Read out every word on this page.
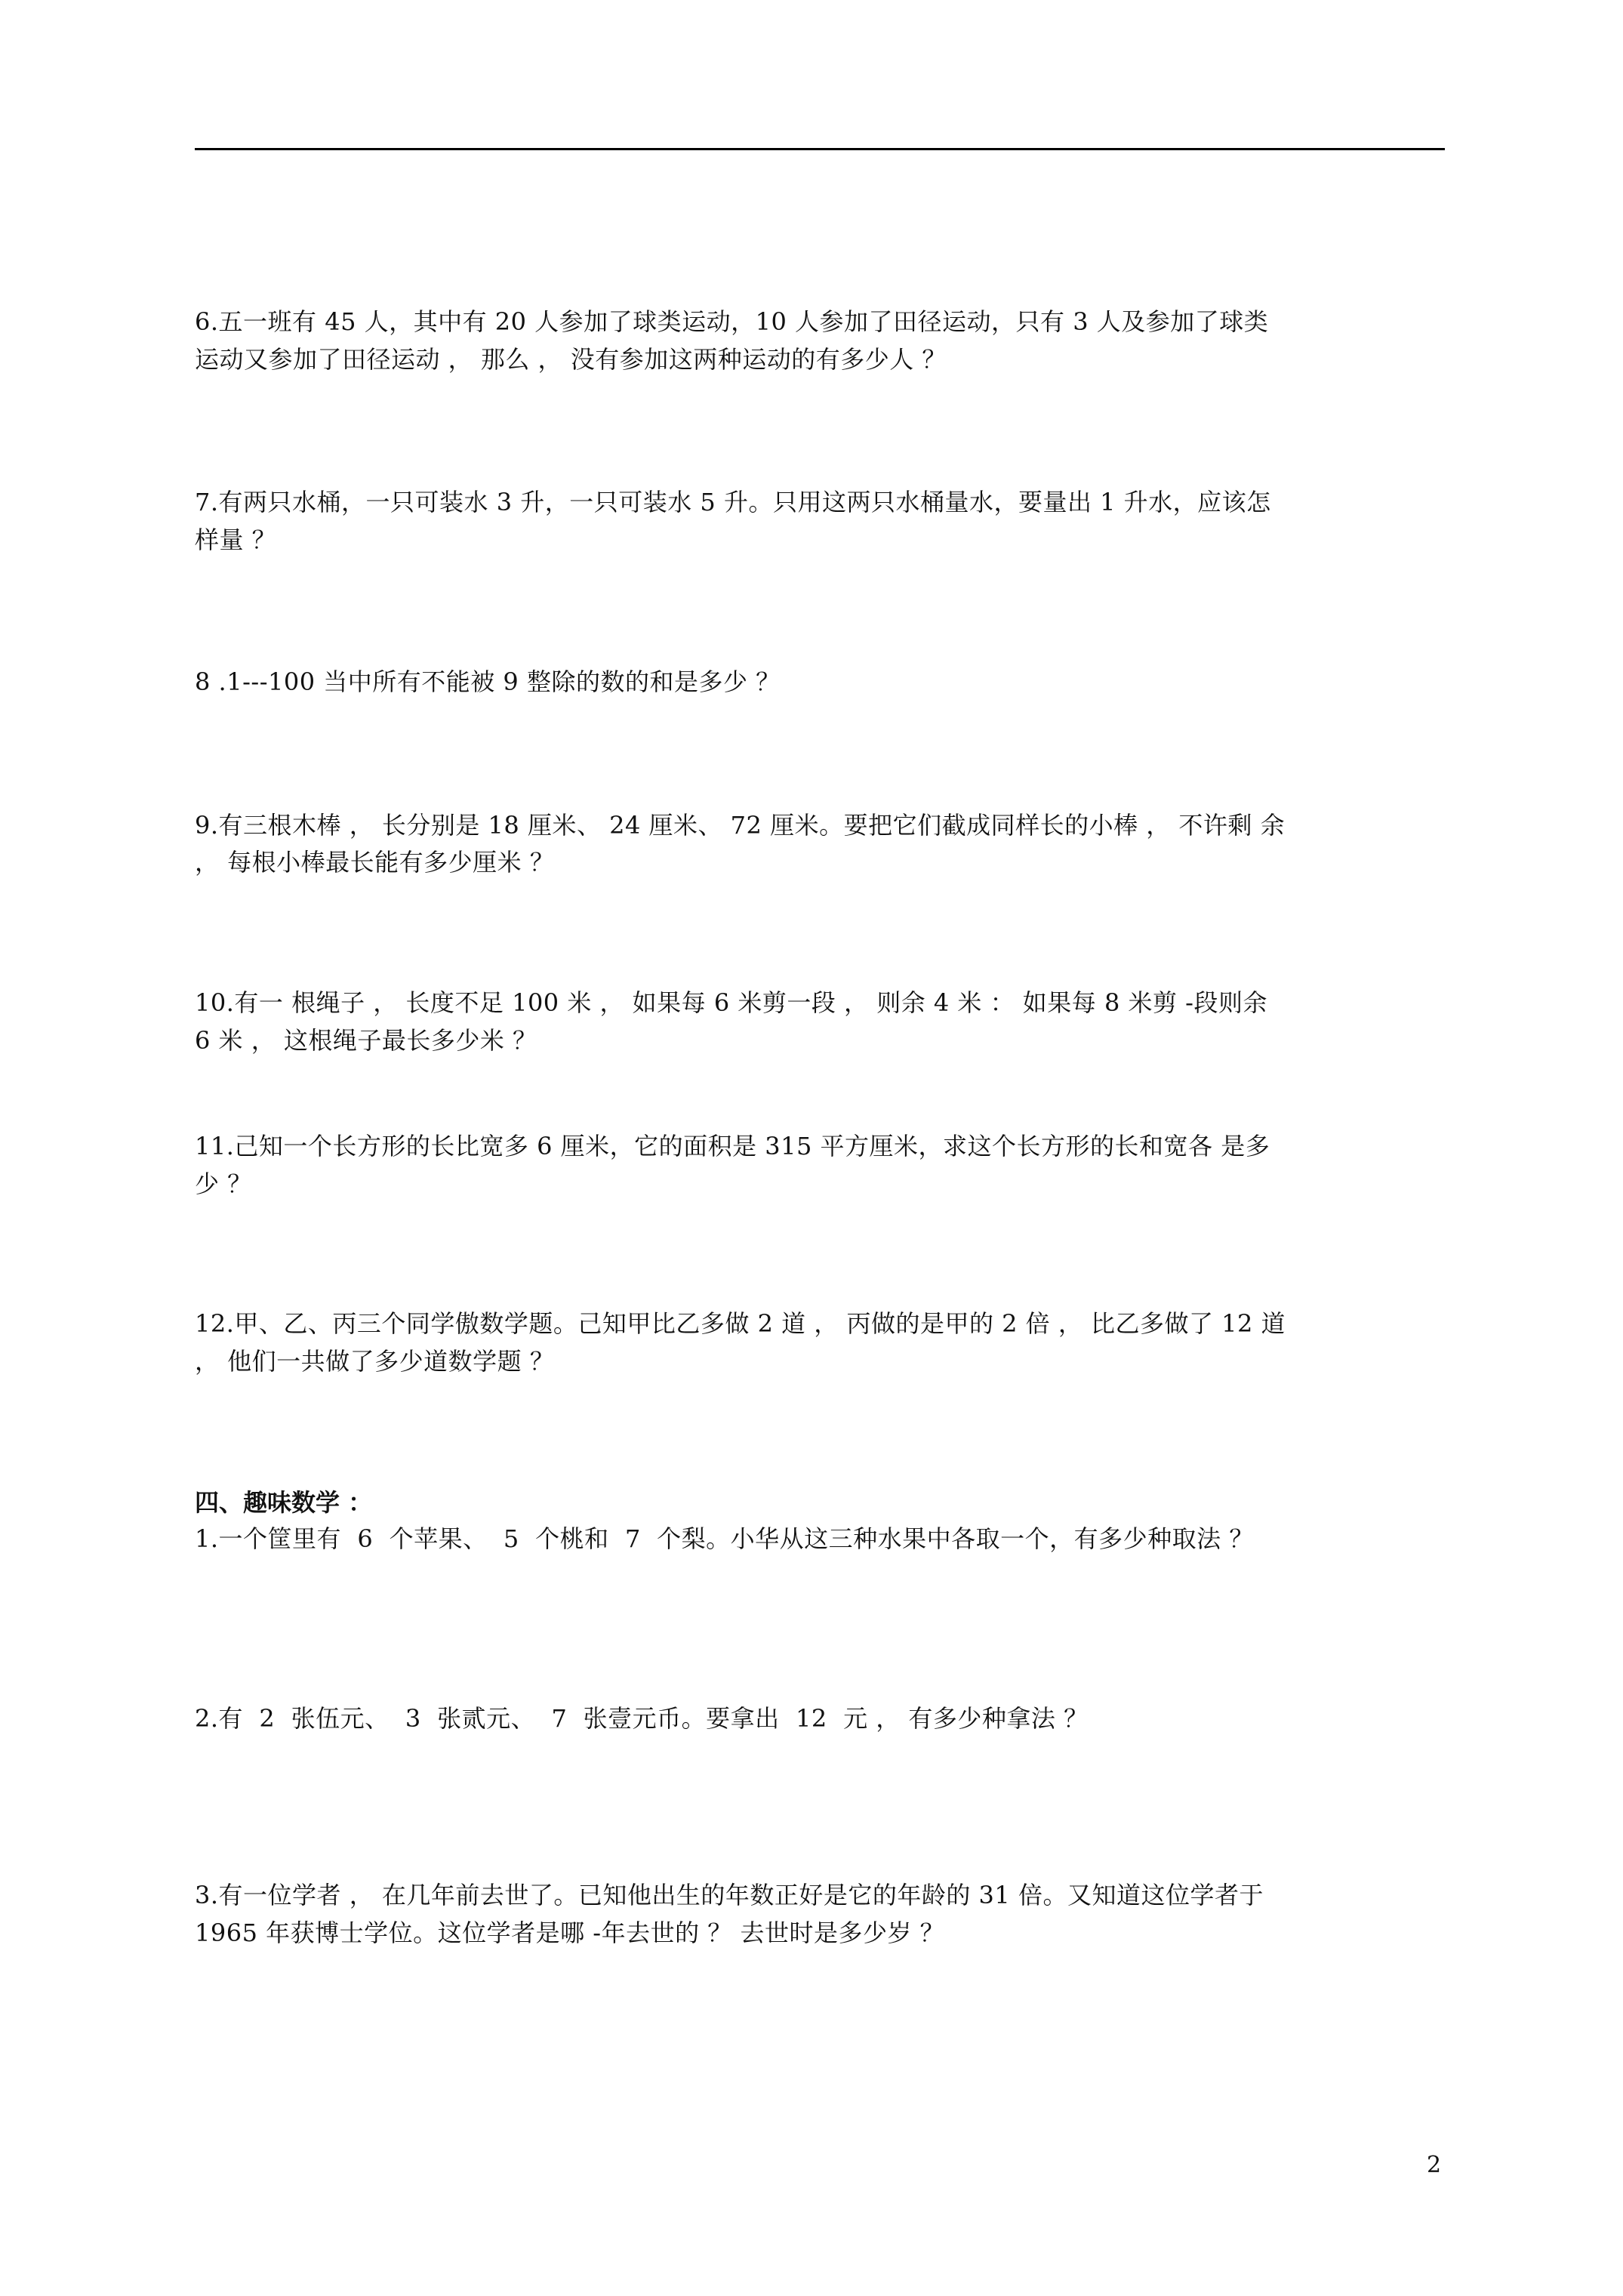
6.五一班有 45 人，其中有 20 人参加了球类运动，10 人参加了田径运动，只有 3 人及参加了球类
运动又参加了田径运动 ， 那么 ， 没有参加这两种运动的有多少人 ？
7.有两只水桶，一只可装水 3 升，一只可装水 5 升。只用这两只水桶量水，要量出 1 升水，应该怎
样量 ？
8 .1---100 当中所有不能被 9 整除的数的和是多少 ？
9.有三根木棒 ， 长分别是 18 厘米、 24 厘米、 72 厘米。要把它们截成同样长的小棒 ， 不许剩 余
， 每根小棒最长能有多少厘米 ？
10.有一 根绳子 ， 长度不足 100 米 ， 如果每 6 米剪一段 ， 则余 4 米 ： 如果每 8 米剪 -段则余
6 米 ， 这根绳子最长多少米 ？
11.己知一个长方形的长比宽多 6 厘米，它的面积是 315 平方厘米，求这个长方形的长和宽各 是多
少 ？
12.甲、乙、丙三个同学傲数学题。己知甲比乙多做 2 道 ， 丙做的是甲的 2 倍 ， 比乙多做了 12 道
， 他们一共做了多少道数学题 ？
四、趣味数学 ：
1.一个筐里有  6  个苹果、  5  个桃和  7  个梨。小华从这三种水果中各取一个，有多少种取法 ？
2.有  2  张伍元、  3  张贰元、  7  张壹元币。要拿出  12  元 ， 有多少种拿法 ？
3.有一位学者 ， 在几年前去世了。已知他出生的年数正好是它的年龄的 31 倍。又知道这位学者于
1965 年获博士学位。这位学者是哪 -年去世的 ？ 去世时是多少岁 ？
2
